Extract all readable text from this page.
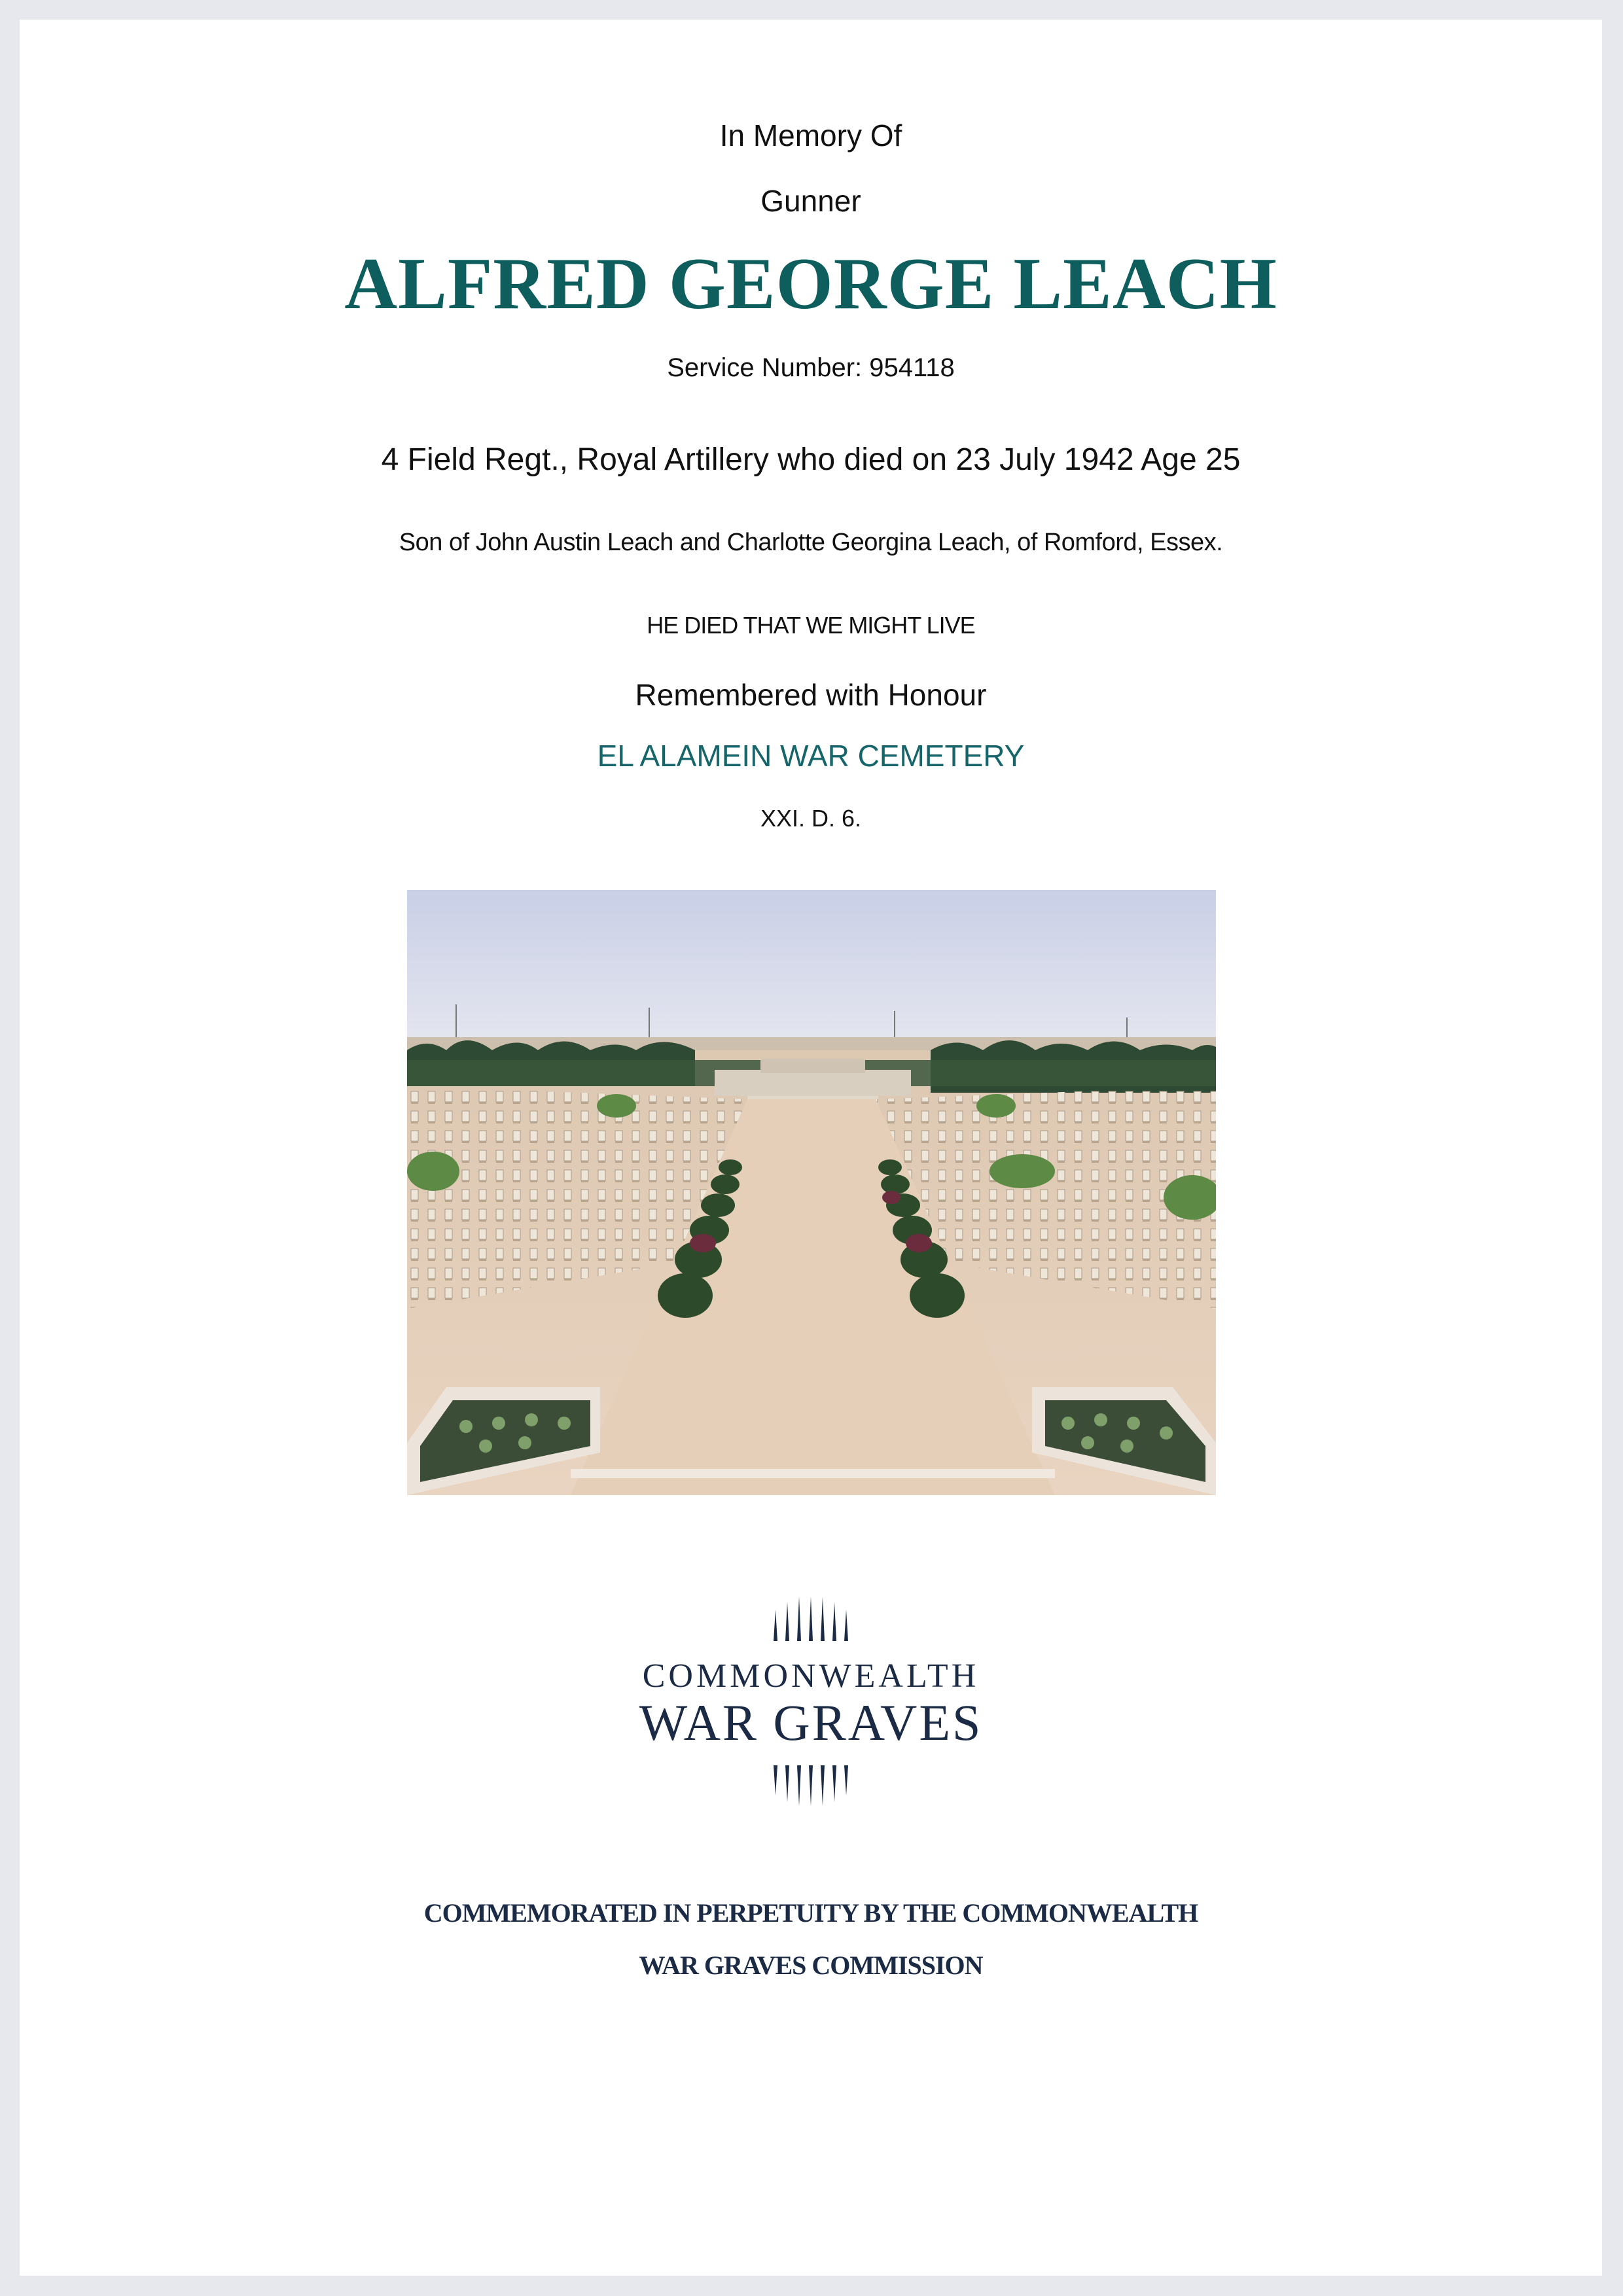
In Memory Of
Gunner
ALFRED GEORGE LEACH
Service Number: 954118
4 Field Regt., Royal Artillery who died on 23 July 1942 Age 25
Son of John Austin Leach and Charlotte Georgina Leach, of Romford, Essex.
HE DIED THAT WE MIGHT LIVE
Remembered with Honour
EL ALAMEIN WAR CEMETERY
XXI. D. 6.
COMMONWEALTH
WAR GRAVES
COMMEMORATED IN PERPETUITY BY THE COMMONWEALTH
WAR GRAVES COMMISSION
